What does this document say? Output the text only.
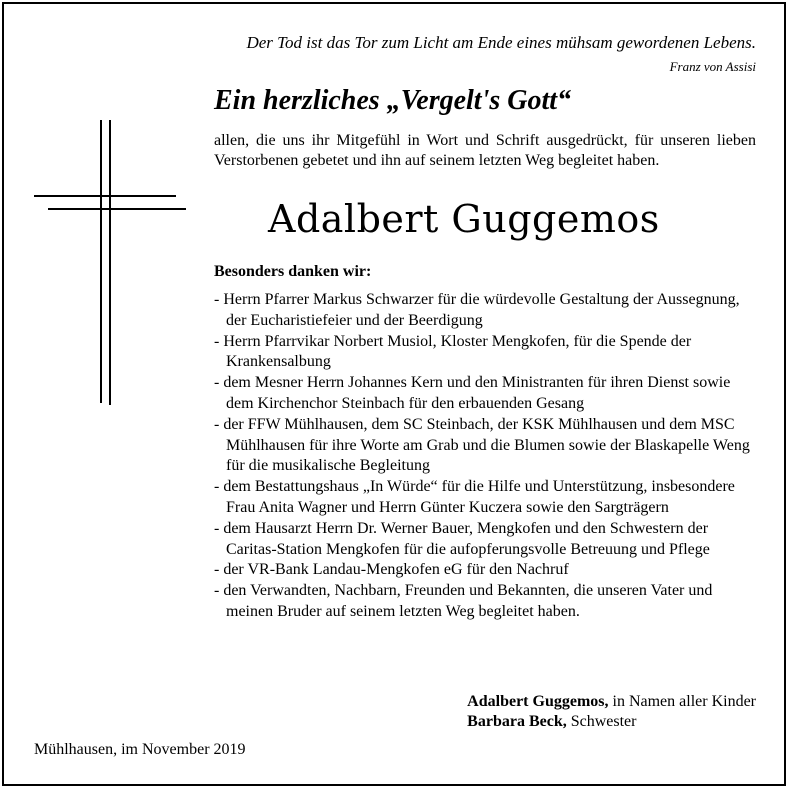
Der Tod ist das Tor zum Licht am Ende eines mühsam gewordenen Lebens.
Franz von Assisi
Ein herzliches „Vergelt's Gott“
allen, die uns ihr Mitgefühl in Wort und Schrift ausgedrückt, für unseren lieben Verstorbenen gebetet und ihn auf seinem letzten Weg begleitet haben.
Adalbert Guggemos
Besonders danken wir:
- Herrn Pfarrer Markus Schwarzer für die würdevolle Gestaltung der Aussegnung, der Eucharistiefeier und der Beerdigung
- Herrn Pfarrvikar Norbert Musiol, Kloster Mengkofen, für die Spende der Krankensalbung
- dem Mesner Herrn Johannes Kern und den Ministranten für ihren Dienst sowie dem Kirchenchor Steinbach für den erbauenden Gesang
- der FFW Mühlhausen, dem SC Steinbach, der KSK Mühlhausen und dem MSC Mühlhausen für ihre Worte am Grab und die Blumen sowie der Blaskapelle Weng für die musikalische Begleitung
- dem Bestattungshaus „In Würde“ für die Hilfe und Unterstützung, insbesondere Frau Anita Wagner und Herrn Günter Kuczera sowie den Sargträgern
- dem Hausarzt Herrn Dr. Werner Bauer, Mengkofen und den Schwestern der Caritas-Station Mengkofen für die aufopferungsvolle Betreuung und Pflege
- der VR-Bank Landau-Mengkofen eG für den Nachruf
- den Verwandten, Nachbarn, Freunden und Bekannten, die unseren Vater und meinen Bruder auf seinem letzten Weg begleitet haben.
Adalbert Guggemos, in Namen aller Kinder
Barbara Beck, Schwester
Mühlhausen, im November 2019
